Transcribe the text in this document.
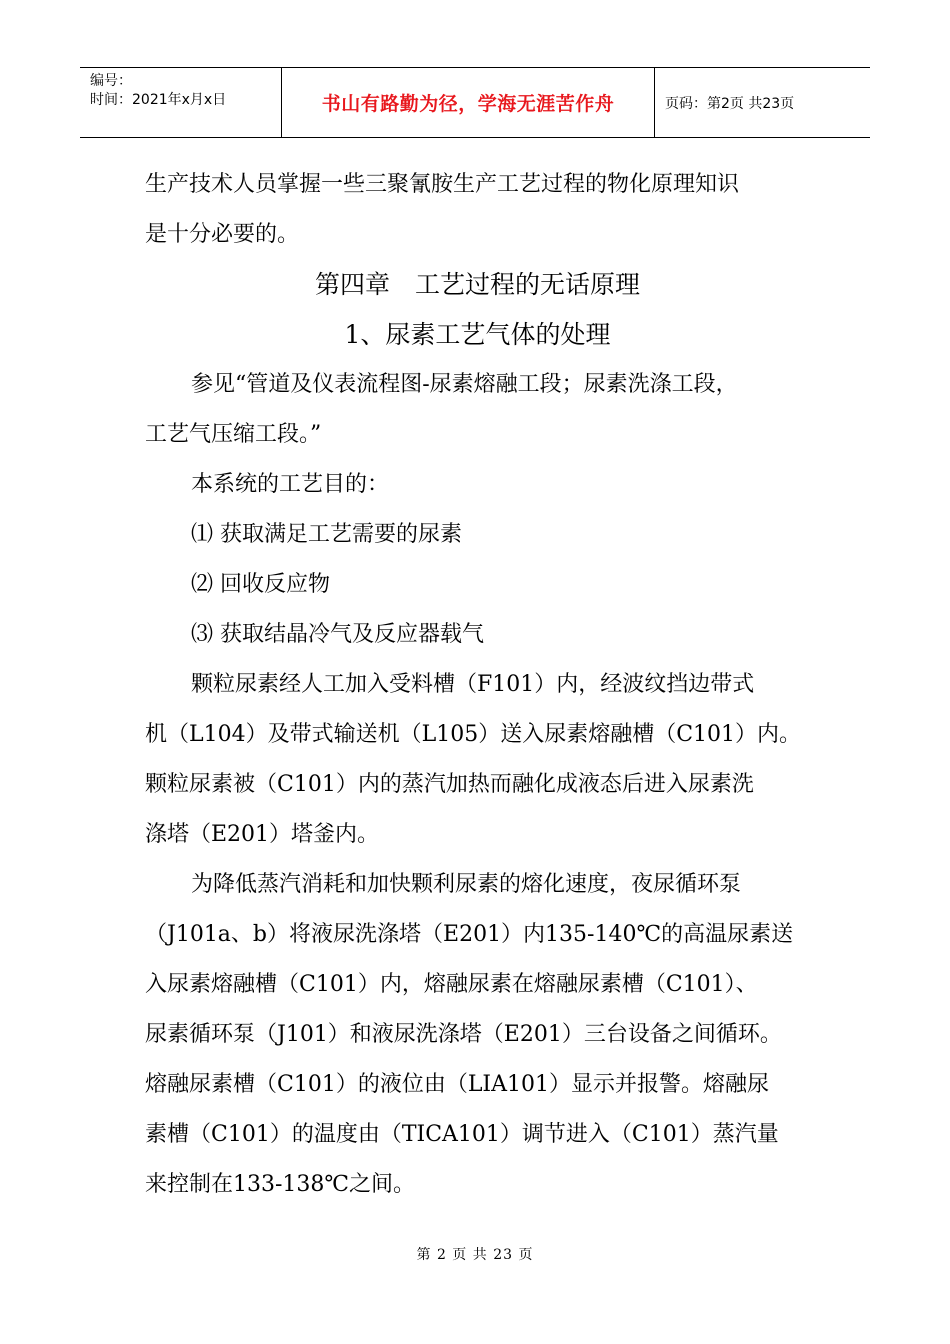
编号：
时间：2021年x月x日	书山有路勤为径，学海无涯苦作舟	页码：第2页 共23页

生产技术人员掌握一些三聚氰胺生产工艺过程的物化原理知识

是十分必要的。

第四章　工艺过程的无话原理

1、尿素工艺气体的处理

参见“管道及仪表流程图-尿素熔融工段；尿素洗涤工段，

工艺气压缩工段。”

本系统的工艺目的：

⑴ 获取满足工艺需要的尿素

⑵ 回收反应物

⑶ 获取结晶冷气及反应器载气

颗粒尿素经人工加入受料槽（F101）内，经波纹挡边带式

机（L104）及带式输送机（L105）送入尿素熔融槽（C101）内。

颗粒尿素被（C101）内的蒸汽加热而融化成液态后进入尿素洗

涤塔（E201）塔釜内。

为降低蒸汽消耗和加快颗利尿素的熔化速度，夜尿循环泵

（J101a、b）将液尿洗涤塔（E201）内135-140℃的高温尿素送

入尿素熔融槽（C101）内，熔融尿素在熔融尿素槽（C101）、

尿素循环泵（J101）和液尿洗涤塔（E201）三台设备之间循环。

熔融尿素槽（C101）的液位由（LIA101）显示并报警。熔融尿

素槽（C101）的温度由（TICA101）调节进入（C101）蒸汽量

来控制在133-138℃之间。

第 2 页 共 23 页
